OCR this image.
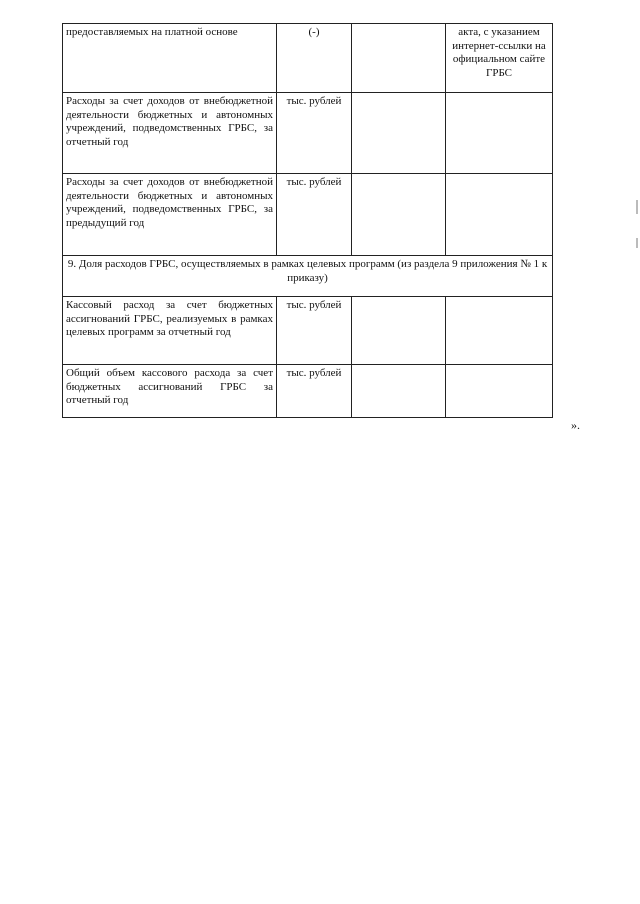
предоставляемых на платной основе	(-)		акта, с указанием интернет-ссылки на официальном сайте ГРБС
Расходы за счет доходов от внебюджетной деятельности бюджетных и автономных учреждений, подведомственных ГРБС, за отчетный год	тыс. рублей		
Расходы за счет доходов от внебюджетной деятельности бюджетных и автономных учреждений, подведомственных ГРБС, за предыдущий год	тыс. рублей		
9. Доля расходов ГРБС, осуществляемых в рамках целевых программ (из раздела 9 приложения № 1 к приказу)			
Кассовый расход за счет бюджетных ассигнований ГРБС, реализуемых в рамках целевых программ за отчетный год	тыс. рублей		
Общий объем кассового расхода за счет бюджетных ассигнований ГРБС за отчетный год	тыс. рублей		
».
